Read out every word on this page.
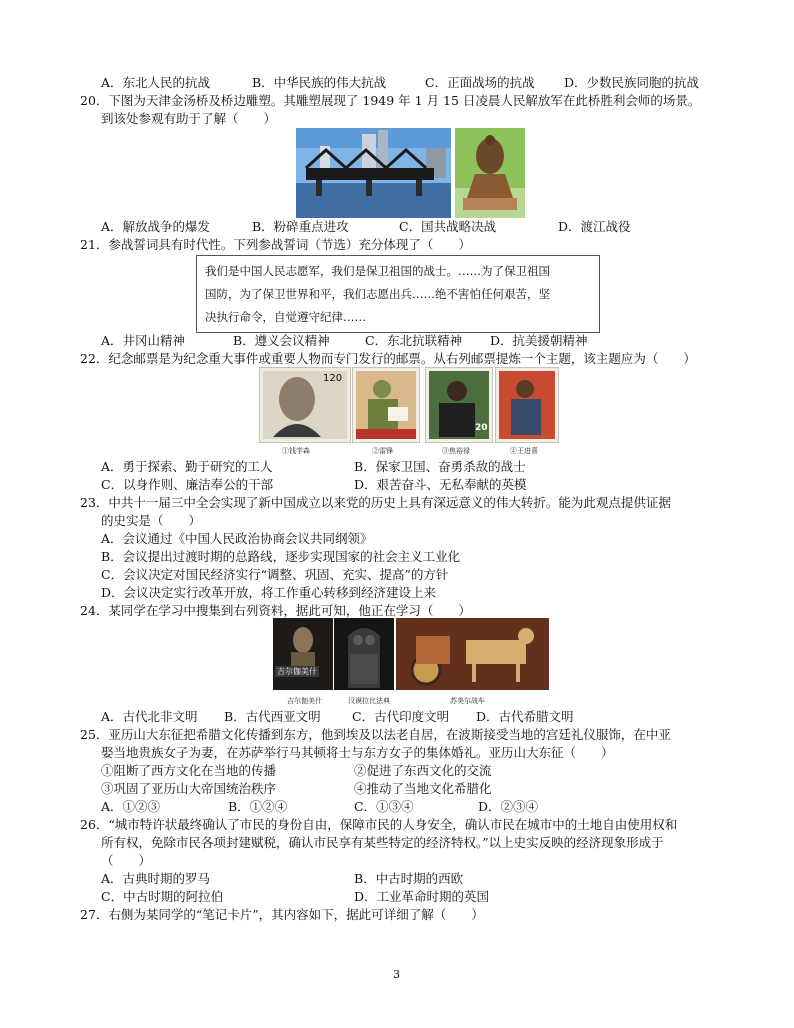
A．东北人民的抗战	B．中华民族的伟大抗战	C．正面战场的抗战 D．少数民族同胞的抗战
20．下图为天津金汤桥及桥边雕塑。其雕塑展现了 1949 年 1 月 15 日凌晨人民解放军在此桥胜利会师的场景。
到该处参观有助于了解（　　）
A．解放战争的爆发	B．粉碎重点进攻	C．国共战略决战	D．渡江战役
21．参战誓词具有时代性。下列参战誓词（节选）充分体现了（　　）
我们是中国人民志愿军，我们是保卫祖国的战士。……为了保卫祖国
国防，为了保卫世界和平，我们志愿出兵……绝不害怕任何艰苦，坚
决执行命令，自觉遵守纪律……
A．井冈山精神	B．遵义会议精神	C．东北抗联精神 D．抗美援朝精神
22．纪念邮票是为纪念重大事件或重要人物而专门发行的邮票。从右列邮票提炼一个主题，该主题应为（　　）
120
20
①钱学森	②雷锋	③焦裕禄	④王进喜
A．勇于探索、勤于研究的工人	B．保家卫国、奋勇杀敌的战士
C．以身作则、廉洁奉公的干部	D．艰苦奋斗、无私奉献的英模
23．中共十一届三中全会实现了新中国成立以来党的历史上具有深远意义的伟大转折。能为此观点提供证据
的史实是（　　）
A．会议通过《中国人民政治协商会议共同纲领》
B．会议提出过渡时期的总路线，逐步实现国家的社会主义工业化
C．会议决定对国民经济实行“调整、巩固、充实、提高”的方针
D．会议决定实行改革开放，将工作重心转移到经济建设上来
24．某同学在学习中搜集到右列资料，据此可知，他正在学习（　　）
吉尔伽美什
吉尔伽美什	汉谟拉比法典	苏美尔战车
A．古代北非文明 B．古代西亚文明	C．古代印度文明 D．古代希腊文明
25．亚历山大东征把希腊文化传播到东方，他到埃及以法老自居，在波斯接受当地的宫廷礼仪服饰，在中亚
娶当地贵族女子为妻，在苏萨举行马其顿将士与东方女子的集体婚礼。亚历山大东征（　　）
①阻断了西方文化在当地的传播	②促进了东西文化的交流
③巩固了亚历山大帝国统治秩序	④推动了当地文化希腊化
A．①②③	B．①②④	C．①③④	D．②③④
26．“城市特许状最终确认了市民的身份自由，保障市民的人身安全，确认市民在城市中的土地自由使用权和
所有权，免除市民各项封建赋税，确认市民享有某些特定的经济特权。”以上史实反映的经济现象形成于
（　　）
A．古典时期的罗马	B．中古时期的西欧
C．中古时期的阿拉伯	D．工业革命时期的英国
27．右侧为某同学的“笔记卡片”，其内容如下，据此可详细了解（　　）
3
